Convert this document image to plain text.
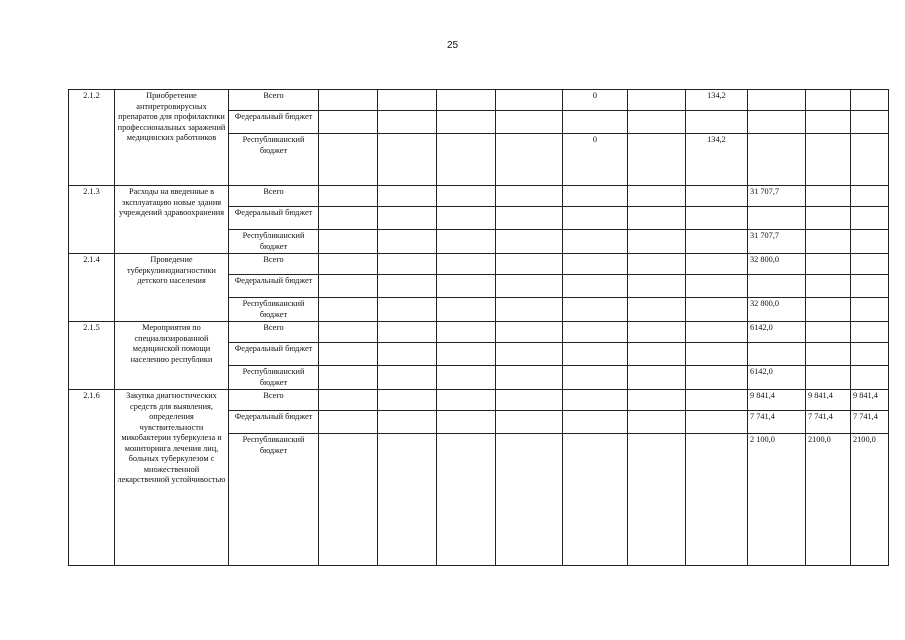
25
2.1.2	Приобретение антиретровирусных препаратов для профилактики профессиональных заражений медицинских работников	Всего					0		134,2			
		Федеральный бюджет										
		Республиканский бюджет					0		134,2			
2.1.3	Расходы на введенные в эксплуатацию новые здания учреждений здравоохранения	Всего								31 707,7		
		Федеральный бюджет										
		Республиканский бюджет								31 707,7		
2.1.4	Проведение туберкулинодиагностики детского населения	Всего								32 800,0		
		Федеральный бюджет										
		Республиканский бюджет								32 800,0		
2.1.5	Мероприятия по специализированной медицинской помощи населению республики	Всего								6142,0		
		Федеральный бюджет										
		Республиканский бюджет								6142,0		
2.1.6	Закупка диагностических средств для выявления, определения чувствительности микобактерии туберкулеза и мониторинга лечения лиц, больных туберкулезом с множественной лекарственной устойчивостью	Всего								9 841,4	9 841,4	9 841,4
		Федеральный бюджет								7 741,4	7 741,4	7 741,4
		Республиканский бюджет								2 100,0	2100,0	2100,0
